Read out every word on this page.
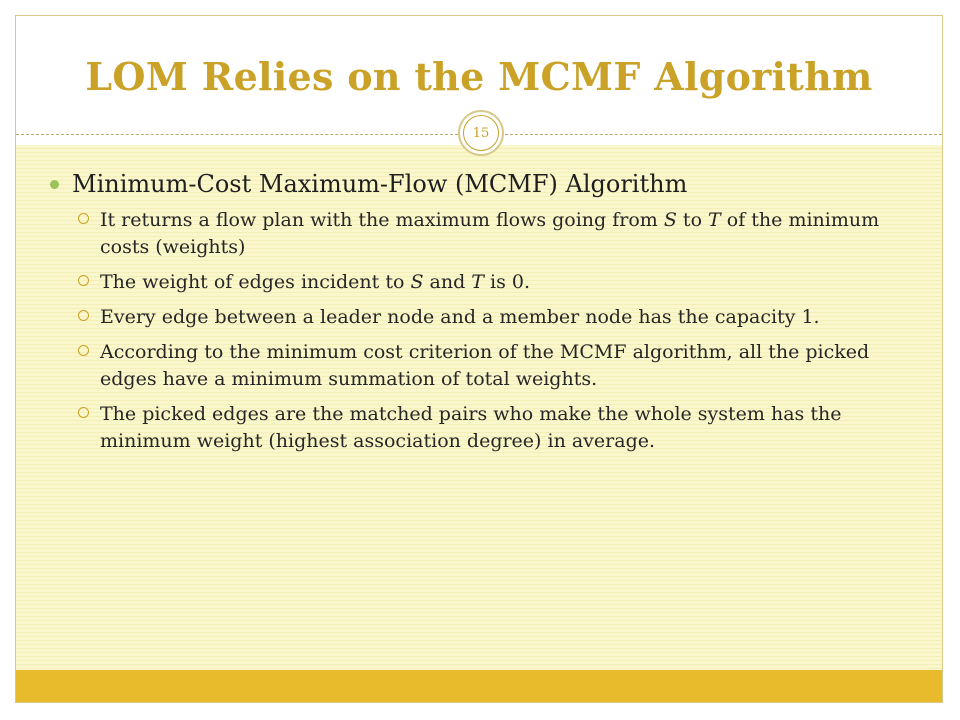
LOM Relies on the MCMF Algorithm
15
Minimum-Cost Maximum-Flow (MCMF) Algorithm
It returns a flow plan with the maximum flows going from S to T of the minimum costs (weights)
The weight of edges incident to S and T is 0.
Every edge between a leader node and a member node has the capacity 1.
According to the minimum cost criterion of the MCMF algorithm, all the picked edges have a minimum summation of total weights.
The picked edges are the matched pairs who make the whole system has the minimum weight (highest association degree) in average.
